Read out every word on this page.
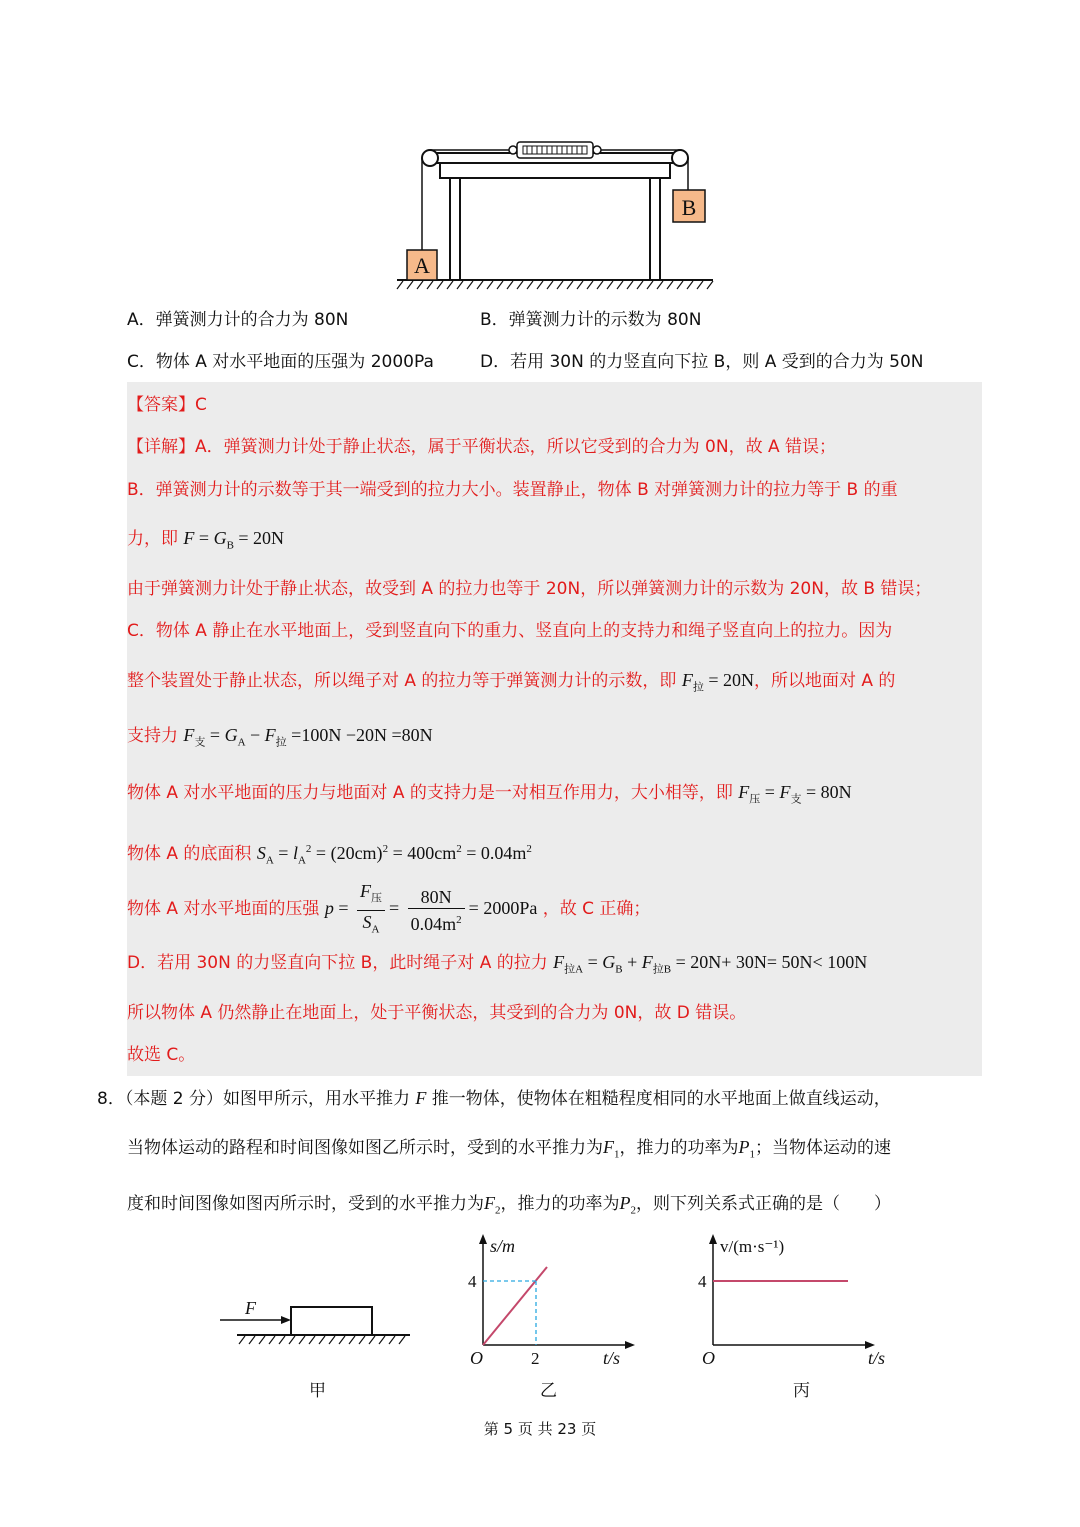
A
B
A．弹簧测力计的合力为 80N	B．弹簧测力计的示数为 80N
C．物体 A 对水平地面的压强为 2000Pa	D．若用 30N 的力竖直向下拉 B，则 A 受到的合力为 50N
【答案】C
【详解】A．弹簧测力计处于静止状态，属于平衡状态，所以它受到的合力为 0N，故 A 错误；
B．弹簧测力计的示数等于其一端受到的拉力大小。装置静止，物体 B 对弹簧测力计的拉力等于 B 的重
力，即 $F = G_B = 20N$
由于弹簧测力计处于静止状态，故受到 A 的拉力也等于 20N，所以弹簧测力计的示数为 20N，故 B 错误；
C．物体 A 静止在水平地面上，受到竖直向下的重力、竖直向上的支持力和绳子竖直向上的拉力。因为
整个装置处于静止状态，所以绳子对 A 的拉力等于弹簧测力计的示数，即 $F_拉 = 20N$，所以地面对 A 的
支持力 $F_支 = G_A - F_拉 =100N -20N =80N$
物体 A 对水平地面的压力与地面对 A 的支持力是一对相互作用力，大小相等，即 $F_压 = F_支 = 80N$
物体 A 的底面积 $S_A = l_A^2 = (20cm)^2 = 400cm^2 = 0.04m^2$
物体 A 对水平地面的压强 $p = \frac{F_压}{S_A} = \frac{80N}{0.04m^2} = 2000Pa$ ，故 C 正确；
D．若用 30N 的力竖直向下拉 B，此时绳子对 A 的拉力 $F_{拉A} = G_B + F_{拉B} = 20N+ 30N= 50N< 100N$
所以物体 A 仍然静止在地面上，处于平衡状态，其受到的合力为 0N，故 D 错误。
故选 C。
8．（本题 2 分）如图甲所示，用水平推力 F 推一物体，使物体在粗糙程度相同的水平地面上做直线运动，
当物体运动的路程和时间图像如图乙所示时，受到的水平推力为$F_1$，推力的功率为$P_1$；当物体运动的速
度和时间图像如图丙所示时，受到的水平推力为$F_2$，推力的功率为$P_2$，则下列关系式正确的是（　　）
F
甲
s/m
4
O	2	t/s
乙
v/(m·s⁻¹)
4
O	t/s
丙
第 5 页 共 23 页
